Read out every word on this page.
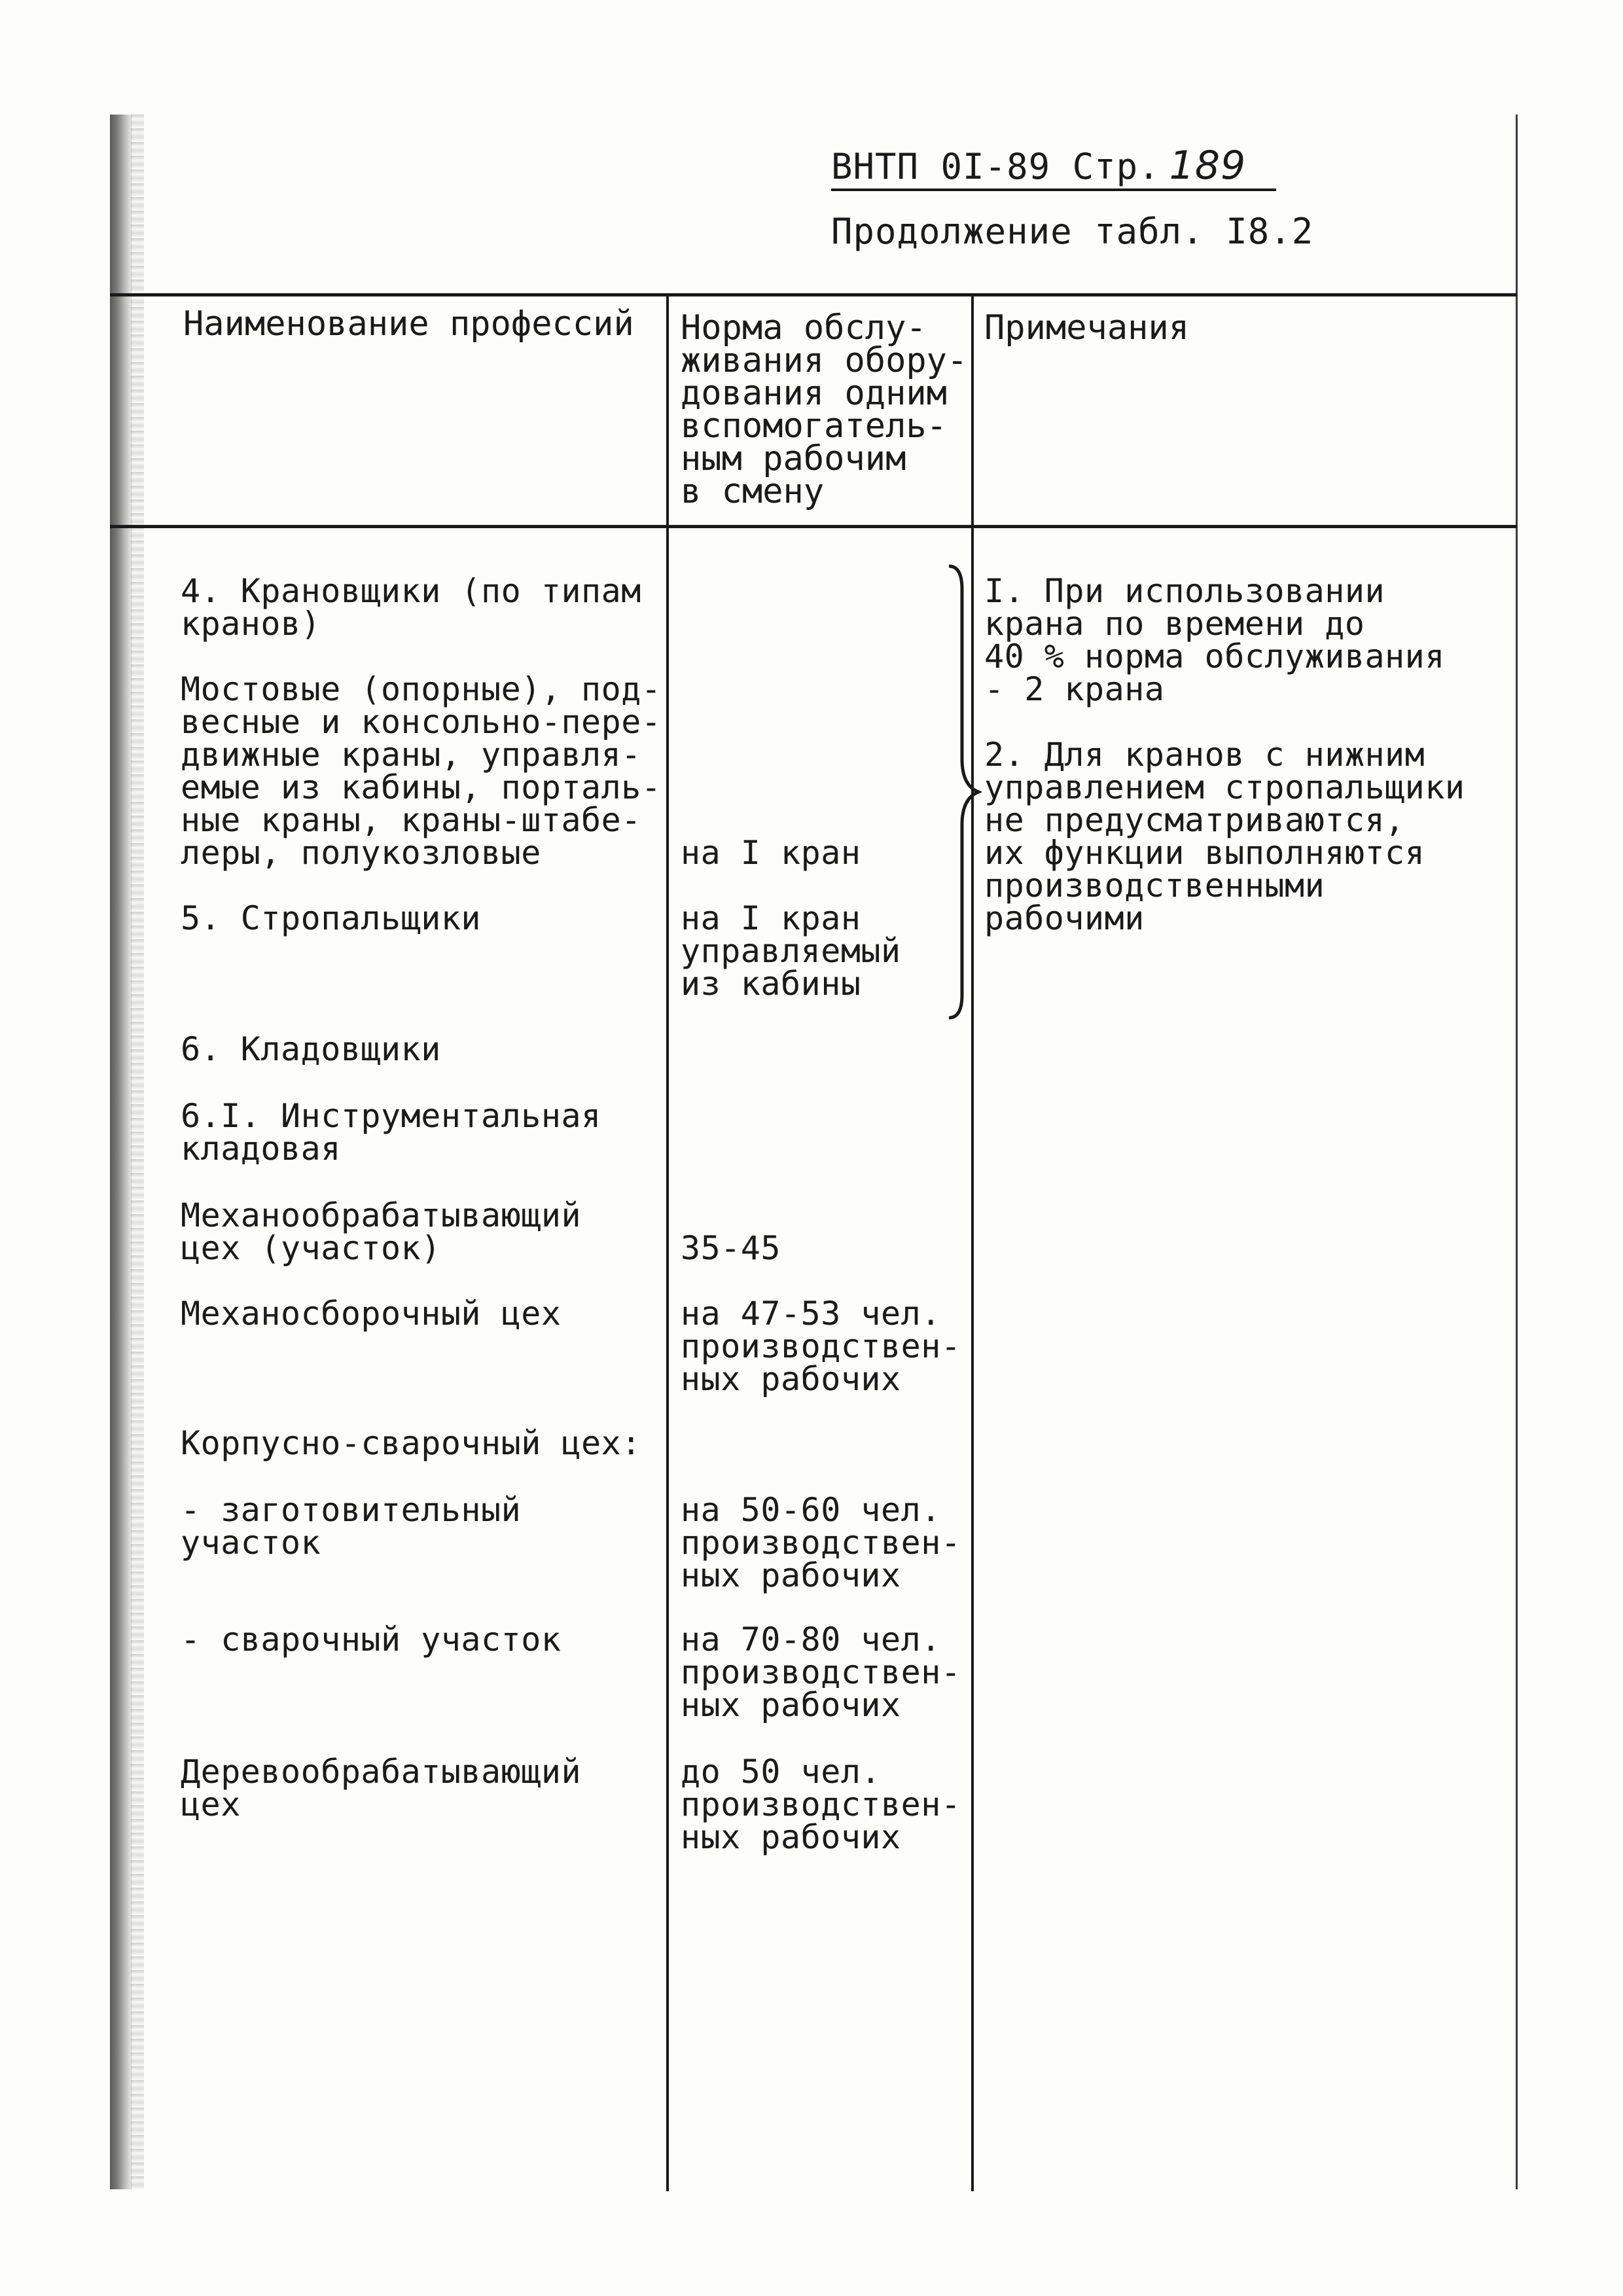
ВНТП 0I-89 Стр. 189
Продолжение табл. I8.2
Наименование профессий Норма обслу-
живания обору-
дования одним
вспомогатель-
ным рабочим
в смену
Примечания
4. Крановщики (по типам
кранов)
Мостовые (опорные), под-
весные и консольно-пере-
движные краны, управля-
емые из кабины, порталь-
ные краны, краны-штабе-
леры, полукозловые
5. Стропальщики
6. Кладовщики
6.I. Инструментальная
кладовая
Механообрабатывающий
цех (участок)
Механосборочный цех
Корпусно-сварочный цех:
- заготовительный
участок
- сварочный участок
Деревообрабатывающий
цех
на I кран
на I кран
управляемый
из кабины
35-45
на 47-53 чел.
производствен-
ных рабочих
на 50-60 чел.
производствен-
ных рабочих
на 70-80 чел.
производствен-
ных рабочих
до 50 чел.
производствен-
ных рабочих
I. При использовании
крана по времени до
40 % норма обслуживания
- 2 крана
2. Для кранов с нижним
управлением стропальщики
не предусматриваются,
их функции выполняются
производственными
рабочими
